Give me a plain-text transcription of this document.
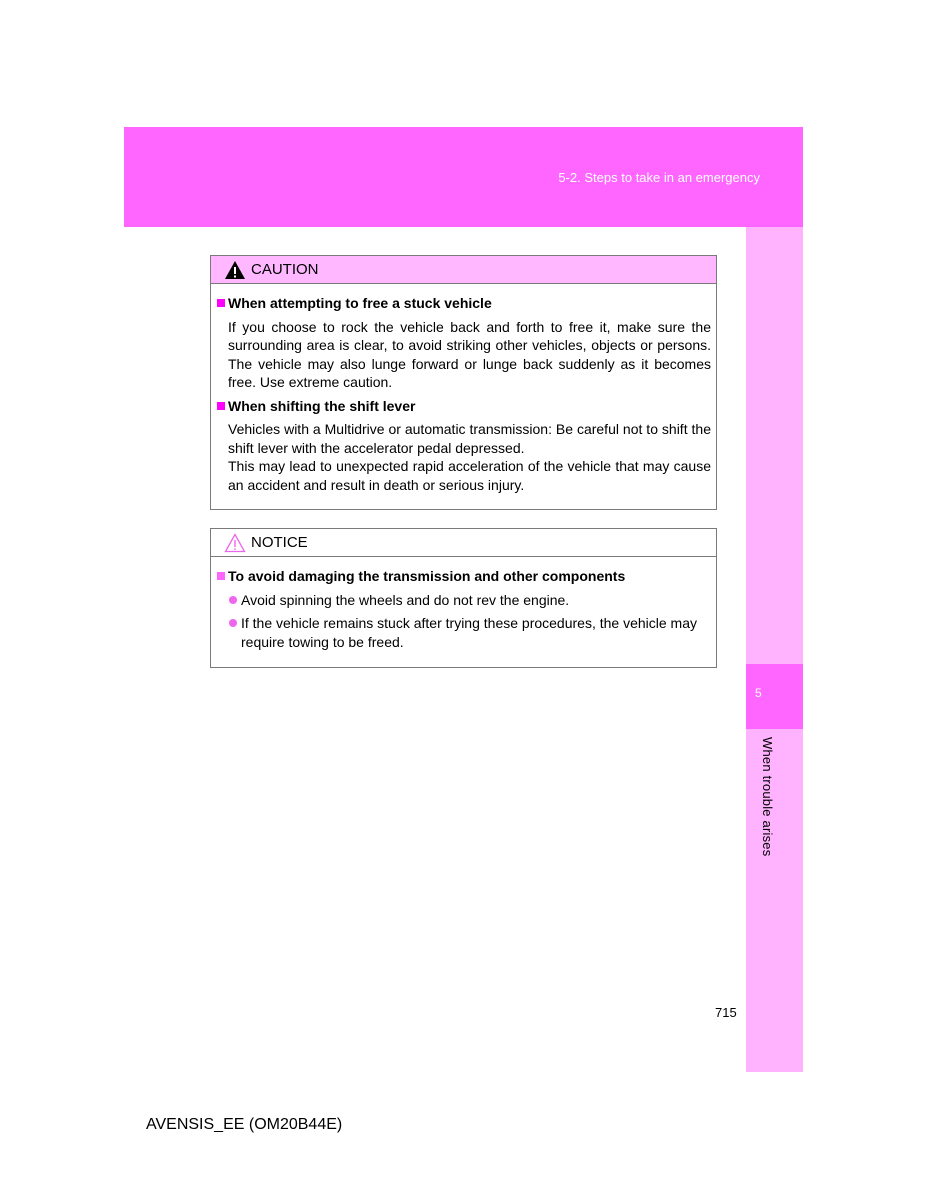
5-2. Steps to take in an emergency
5
When trouble arises
CAUTION
When attempting to free a stuck vehicle
If you choose to rock the vehicle back and forth to free it, make sure the surrounding area is clear, to avoid striking other vehicles, objects or persons. The vehicle may also lunge forward or lunge back suddenly as it becomes free. Use extreme caution.
When shifting the shift lever
Vehicles with a Multidrive or automatic transmission: Be careful not to shift the shift lever with the accelerator pedal depressed.
This may lead to unexpected rapid acceleration of the vehicle that may cause an accident and result in death or serious injury.
NOTICE
To avoid damaging the transmission and other components
Avoid spinning the wheels and do not rev the engine.
If the vehicle remains stuck after trying these procedures, the vehicle may require towing to be freed.
715
AVENSIS_EE (OM20B44E)
